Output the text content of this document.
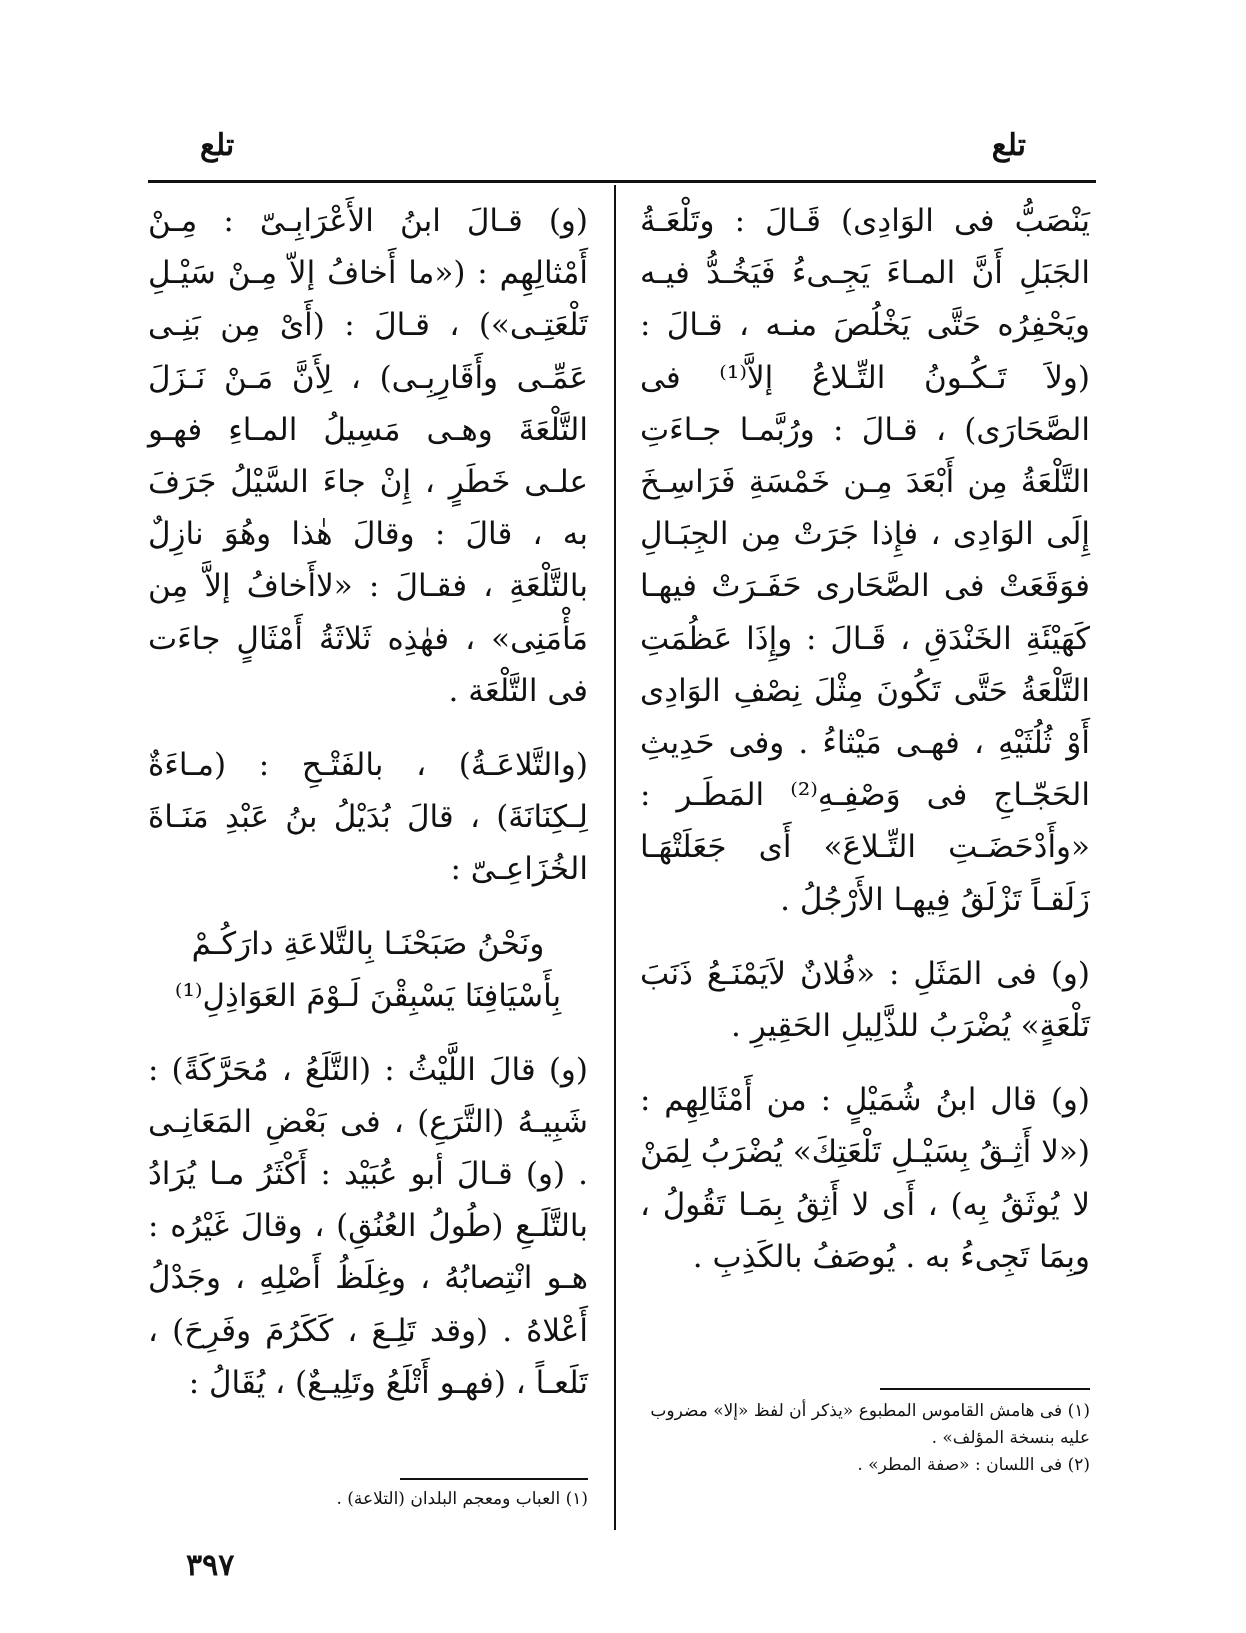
تلع
تلع

يَنْصَبُّ فى الوَادِى) قَـالَ : وتَلْعَـةُ الجَبَلِ أَنَّ المـاءَ يَجِـىءُ فَيَخُـدُّ فيـه ويَحْفِرُه حَتَّى يَخْلُصَ منـه ، قـالَ : (ولاَ تَـكُـونُ التِّـلاعُ إلاَّ⁽¹⁾ فى الصَّحَارَى) ، قـالَ : ورُبَّمـا جـاءَتِ التَّلْعَةُ مِن أَبْعَدَ مِـن خَمْسَةِ فَرَاسِـخَ إِلَى الوَادِى ، فإِذا جَرَتْ مِن الجِبَـالِ فوَقَعَتْ فى الصَّحَارى حَفَـرَتْ فيهـا كَهَيْئَةِ الخَنْدَقِ ، قَـالَ : وإِذَا عَظُمَتِ التَّلْعَةُ حَتَّى تَكُونَ مِثْلَ نِصْفِ الوَادِى أَوْ ثُلُثَيْهِ ، فهـى مَيْثاءُ . وفى حَدِيثِ الحَجّـاجِ فى وَصْفِـهِ⁽²⁾ المَطَـر : «وأَدْحَضَـتِ التِّـلاعَ» أَى جَعَلَتْهَـا زَلَقـاً تَزْلَقُ فِيهـا الأَرْجُلُ .

(و) فى المَثَلِ : «فُلانٌ لاَيَمْنَـعُ ذَنَبَ تَلْعَةٍ» يُضْرَبُ للذَّلِيلِ الحَقِيرِ .

(و) قال ابنُ شُمَيْلٍ : من أَمْثَالِهِم : («لا أَثِـقُ بِسَيْـلِ تَلْعَتِكَ» يُضْرَبُ لِمَنْ لا يُوثَقُ بِه) ، أَى لا أَثِقُ بِمَـا تَقُولُ ، وبِمَا تَجِىءُ به . يُوصَفُ بالكَذِبِ .

(و) قـالَ ابنُ الأَعْرَابِـىّ : مِـنْ أَمْثالِهِم : («ما أَخافُ إلاّ مِـنْ سَيْـلِ تَلْعَتِـى») ، قـالَ : (أَىْ مِن بَنِـى عَمِّـى وأَقَارِبِـى) ، لِأَنَّ مَـنْ نَـزَلَ التَّلْعَةَ وهـى مَسِيلُ المـاءِ فهـو علـى خَطَرٍ ، إِنْ جاءَ السَّيْلُ جَرَفَ به ، قالَ : وقالَ هٰذا وهُوَ نازِلٌ بالتَّلْعَةِ ، فقـالَ : «لاأَخافُ إلاَّ مِن مَأْمَنِى» ، فهٰذِه ثَلاثَةُ أَمْثَالٍ جاءَت فى التَّلْعَة .

(والتَّلاعَـةُ) ، بالفَتْـحِ : (مـاءَةٌ لِـكِنَانَةَ) ، قالَ بُدَيْلُ بنُ عَبْدِ مَنَـاةَ الخُزَاعِـىّ :

ونَحْنُ صَبَحْنَـا بِالتَّلاعَةِ دارَكُـمْ

بِأَسْيَافِنَا يَسْبِقْنَ لَـوْمَ العَوَاذِلِ⁽¹⁾

(و) قالَ اللَّيْثُ : (التَّلَعُ ، مُحَرَّكَةً) : شَبِيـهُ (التَّرَعِ) ، فى بَعْضِ المَعَانِـى . (و) قـالَ أبو عُبَيْد : أَكْثَرُ مـا يُرَادُ بالتَّلَـعِ (طُولُ العُنُقِ) ، وقالَ غَيْرُه : هـو انْتِصابُهُ ، وغِلَظُ أَصْلِهِ ، وجَدْلُ أَعْلاهُ . (وقد تَلِـعَ ، كَكَرُمَ وفَرِحَ) ، تَلَعـاً ، (فهـو أَتْلَعُ وتَلِيـعٌ) ، يُقَالُ :

(١) فى هامش القاموس المطبوع «يذكر أن لفظ «إلا» مضروب عليه بنسخة المؤلف» .

(٢) فى اللسان : «صفة المطر» .

(١) العباب ومعجم البلدان (التلاعة) .

٣٩٧
